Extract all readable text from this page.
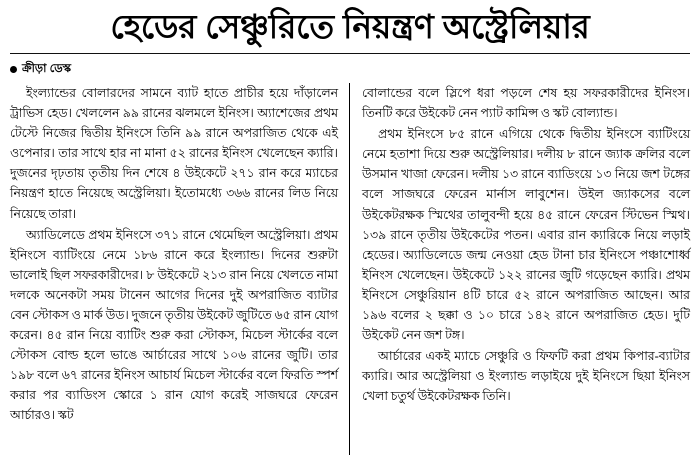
হেডের সেঞ্চুরিতে নিয়ন্ত্রণ অস্ট্রেলিয়ার
ক্রীড়া ডেস্ক

ইংল্যান্ডের বোলারদের সামনে ব্যাট হাতে প্রাচীর হয়ে দাঁড়ালেন ট্রাভিস হেড। খেললেন ৯৯ রানের ঝলমলে ইনিংস। অ্যাশেজের প্রথম টেস্টে নিজের দ্বিতীয় ইনিংসে তিনি ৯৯ রানে অপরাজিত থেকে এই ওপেনার। তার সাথে হার না মানা ৫২ রানের ইনিংস খেলেছেন ক্যারি। দুজনের দৃঢ়তায় তৃতীয় দিন শেষে ৪ উইকেটে ২৭১ রান করে ম্যাচের নিয়ন্ত্রণ হাতে নিয়েছে অস্ট্রেলিয়া। ইতোমধ্যে ৩৬৬ রানের লিড নিয়ে নিয়েছে তারা।

অ্যাডিলেডে প্রথম ইনিংসে ৩৭১ রানে থেমেছিল অস্ট্রেলিয়া। প্রথম ইনিংসে ব্যাটিংয়ে নেমে ১৮৬ রানে করে ইংল্যান্ড। দিনের শুরুটা ভালোই ছিল সফরকারীদের। ৮ উইকেটে ২১৩ রান নিয়ে খেলতে নামা দলকে অনেকটা সময় টানেন আগের দিনের দুই অপরাজিত ব্যাটার বেন স্টোকস ও মার্ক উড। দুজনে তৃতীয় উইকেট জুটিতে ৬৫ রান যোগ করেন। ৪৫ রান নিয়ে ব্যাটিং শুরু করা স্টোকস, মিচেল স্টার্কের বলে স্টোকস বোল্ড হলে ভাঙে আর্চারের সাথে ১০৬ রানের জুটি। তার ১৯৮ বলে ৬৭ রানের ইনিংস আচার্য মিচেল স্টার্কের বলে ফিরতি স্পর্শ করার পর ব্যাডিংস স্কোরে ১ রান যোগ করেই সাজঘরে ফেরেন আর্চারও। স্কট

বোলান্ডের বলে স্লিপে ধরা পড়লে শেষ হয় সফরকারীদের ইনিংস। তিনটি করে উইকেট নেন প্যাট কামিন্স ও স্কট বোল্যান্ড।

প্রথম ইনিংসে ৮৫ রানে এগিয়ে থেকে দ্বিতীয় ইনিংসে ব্যাটিংয়ে নেমে হতাশা দিয়ে শুরু অস্ট্রেলিয়ার। দলীয় ৮ রানে জ্যাক ক্রলির বলে উসমান খাজা ফেরেন। দলীয় ১৩ রানে ব্যাডিংয়ে ১৩ নিয়ে জশ টঙ্গের বলে সাজঘরে ফেরেন মার্নাস লাবুশেন। উইল জ্যাকসের বলে উইকেটরক্ষক স্মিথের তালুবন্দী হয়ে ৪৫ রানে ফেরেন স্টিভেন স্মিথ। ১৩৯ রানে তৃতীয় উইকেটের পতন। এবার রান ক্যারিকে নিয়ে লড়াই হেডের। অ্যাডিলেডে জন্ম নেওয়া হেড টানা চার ইনিংসে পঞ্চাশোর্ধ্ব ইনিংস খেলেছেন। উইকেটে ১২২ রানের জুটি গড়েছেন ক্যারি। প্রথম ইনিংসে সেঞ্চুরিয়ান ৪টি চারে ৫২ রানে অপরাজিত আছেন। আর ১৯৬ বলের ২ ছক্কা ও ১০ চারে ১৪২ রানে অপরাজিত হেড। দুটি উইকেট নেন জশ টঙ্গ।

আর্চারের একই ম্যাচে সেঞ্চুরি ও ফিফটি করা প্রথম কিপার-ব্যাটার ক্যারি। আর অস্ট্রেলিয়া ও ইংল্যান্ড লড়াইয়ে দুই ইনিংসে ছিয়া ইনিংস খেলা চতুর্থ উইকেটরক্ষক তিনি।
